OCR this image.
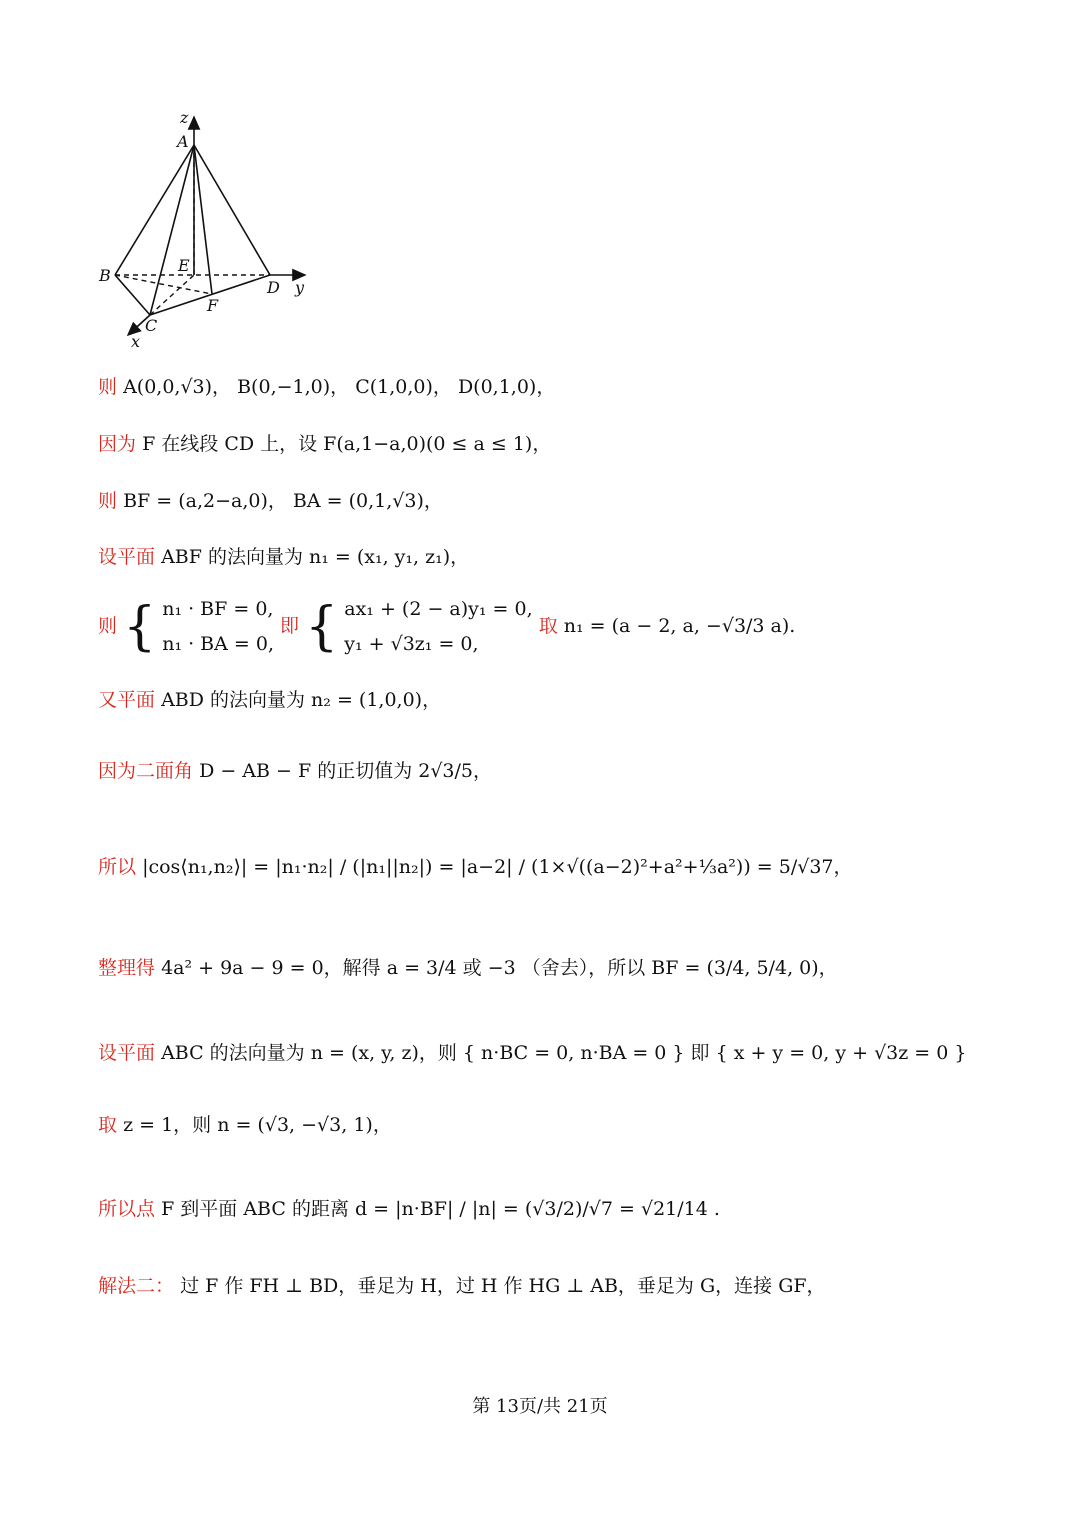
z
A
B
E
D y
F
C
x
则 A(0,0,√3)， B(0,−1,0)， C(1,0,0)， D(0,1,0)，
因为 F 在线段 CD 上，设 F(a,1−a,0)(0 ≤ a ≤ 1)，
则 BF = (a,2−a,0)， BA = (0,1,√3)，
设平面 ABF 的法向量为 n₁ = (x₁, y₁, z₁)，
则 { n₁ · BF = 0,
n₁ · BA = 0,
即 { ax₁ + (2 − a)y₁ = 0,
y₁ + √3z₁ = 0,
取 n₁ = (a − 2, a, −√3/3 a).
又平面 ABD 的法向量为 n₂ = (1,0,0)，
因为二面角 D − AB − F 的正切值为 2√3/5，
所以 |cos⟨n₁,n₂⟩| = |n₁·n₂| / (|n₁||n₂|) = |a−2| / (1×√((a−2)²+a²+⅓a²)) = 5/√37，
整理得 4a² + 9a − 9 = 0，解得 a = 3/4 或 −3 （舍去），所以 BF = (3/4, 5/4, 0)，
设平面 ABC 的法向量为 n = (x, y, z)，则 { n·BC = 0, n·BA = 0 } 即 { x + y = 0, y + √3z = 0 }
取 z = 1，则 n = (√3, −√3, 1)，
所以点 F 到平面 ABC 的距离 d = |n·BF| / |n| = (√3/2)/√7 = √21/14 .
解法二： 过 F 作 FH ⊥ BD，垂足为 H，过 H 作 HG ⊥ AB，垂足为 G，连接 GF，
第 13页/共 21页
